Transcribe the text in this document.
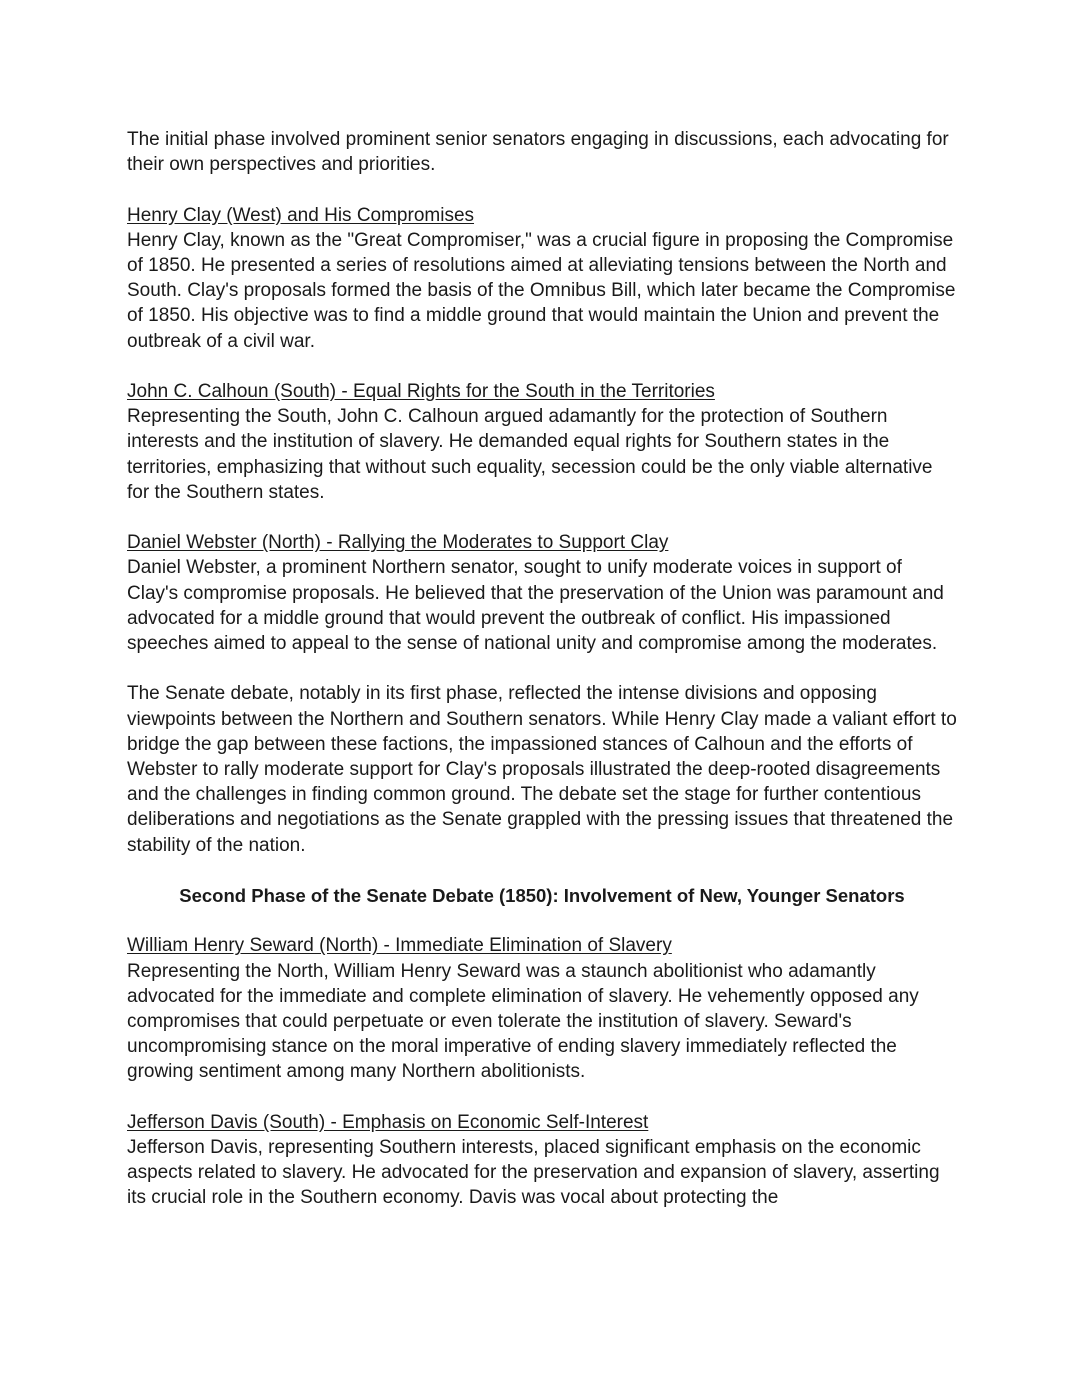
The initial phase involved prominent senior senators engaging in discussions, each advocating for their own perspectives and priorities.

Henry Clay (West) and His Compromises
Henry Clay, known as the "Great Compromiser," was a crucial figure in proposing the Compromise of 1850. He presented a series of resolutions aimed at alleviating tensions between the North and South. Clay's proposals formed the basis of the Omnibus Bill, which later became the Compromise of 1850. His objective was to find a middle ground that would maintain the Union and prevent the outbreak of a civil war.
John C. Calhoun (South) - Equal Rights for the South in the Territories
Representing the South, John C. Calhoun argued adamantly for the protection of Southern interests and the institution of slavery. He demanded equal rights for Southern states in the territories, emphasizing that without such equality, secession could be the only viable alternative for the Southern states.
Daniel Webster (North) - Rallying the Moderates to Support Clay
Daniel Webster, a prominent Northern senator, sought to unify moderate voices in support of Clay's compromise proposals. He believed that the preservation of the Union was paramount and advocated for a middle ground that would prevent the outbreak of conflict. His impassioned speeches aimed to appeal to the sense of national unity and compromise among the moderates.

The Senate debate, notably in its first phase, reflected the intense divisions and opposing viewpoints between the Northern and Southern senators. While Henry Clay made a valiant effort to bridge the gap between these factions, the impassioned stances of Calhoun and the efforts of Webster to rally moderate support for Clay's proposals illustrated the deep-rooted disagreements and the challenges in finding common ground. The debate set the stage for further contentious deliberations and negotiations as the Senate grappled with the pressing issues that threatened the stability of the nation.

Second Phase of the Senate Debate (1850): Involvement of New, Younger Senators

William Henry Seward (North) - Immediate Elimination of Slavery
Representing the North, William Henry Seward was a staunch abolitionist who adamantly advocated for the immediate and complete elimination of slavery. He vehemently opposed any compromises that could perpetuate or even tolerate the institution of slavery. Seward's uncompromising stance on the moral imperative of ending slavery immediately reflected the growing sentiment among many Northern abolitionists.
Jefferson Davis (South) - Emphasis on Economic Self-Interest
Jefferson Davis, representing Southern interests, placed significant emphasis on the economic aspects related to slavery. He advocated for the preservation and expansion of slavery, asserting its crucial role in the Southern economy. Davis was vocal about protecting the
